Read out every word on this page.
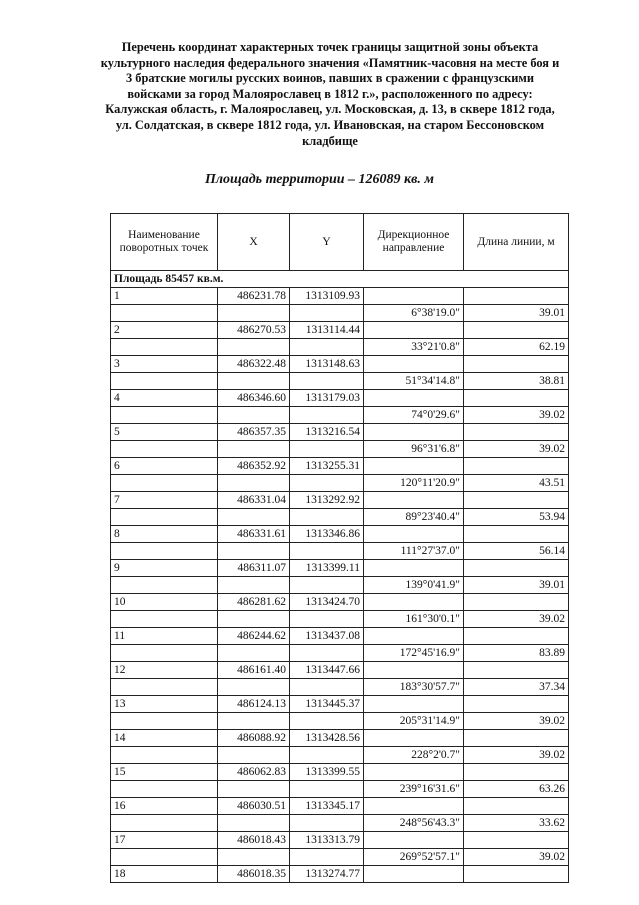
Перечень координат характерных точек границы защитной зоны объекта
культурного наследия федерального значения «Памятник-часовня на месте боя и
3 братские могилы русских воинов, павших в сражении с французскими
войсками за город Малоярославец в 1812 г.», расположенного по адресу:
Калужская область, г. Малоярославец, ул. Московская, д. 13, в сквере 1812 года,
ул. Солдатская, в сквере 1812 года, ул. Ивановская, на старом Бессоновском
кладбище
Площадь территории – 126089 кв. м
Наименование поворотных точек	X	Y	Дирекционное направление	Длина линии, м
Площадь 85457 кв.м.				
1	486231.78	1313109.93		
			6°38'19.0"	39.01
2	486270.53	1313114.44		
			33°21'0.8"	62.19
3	486322.48	1313148.63		
			51°34'14.8"	38.81
4	486346.60	1313179.03		
			74°0'29.6"	39.02
5	486357.35	1313216.54		
			96°31'6.8"	39.02
6	486352.92	1313255.31		
			120°11'20.9"	43.51
7	486331.04	1313292.92		
			89°23'40.4"	53.94
8	486331.61	1313346.86		
			111°27'37.0"	56.14
9	486311.07	1313399.11		
			139°0'41.9"	39.01
10	486281.62	1313424.70		
			161°30'0.1"	39.02
11	486244.62	1313437.08		
			172°45'16.9"	83.89
12	486161.40	1313447.66		
			183°30'57.7"	37.34
13	486124.13	1313445.37		
			205°31'14.9"	39.02
14	486088.92	1313428.56		
			228°2'0.7"	39.02
15	486062.83	1313399.55		
			239°16'31.6"	63.26
16	486030.51	1313345.17		
			248°56'43.3"	33.62
17	486018.43	1313313.79		
			269°52'57.1"	39.02
18	486018.35	1313274.77		
